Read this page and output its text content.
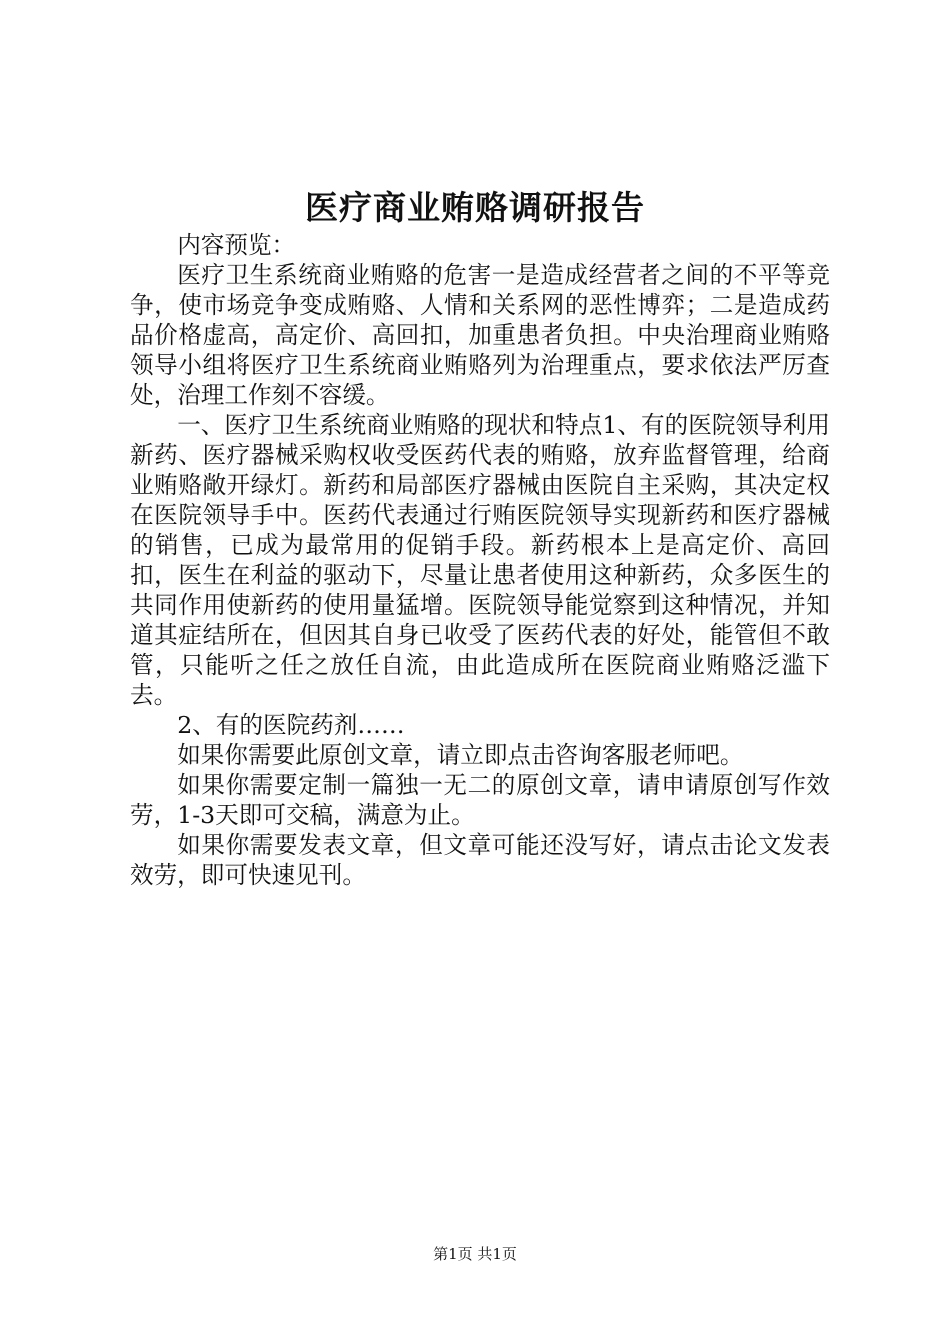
医疗商业贿赂调研报告

内容预览：

医疗卫生系统商业贿赂的危害一是造成经营者之间的不平等竞争，使市场竞争变成贿赂、人情和关系网的恶性博弈；二是造成药品价格虚高，高定价、高回扣，加重患者负担。中央治理商业贿赂领导小组将医疗卫生系统商业贿赂列为治理重点，要求依法严厉查处，治理工作刻不容缓。

一、医疗卫生系统商业贿赂的现状和特点1、有的医院领导利用新药、医疗器械采购权收受医药代表的贿赂，放弃监督管理，给商业贿赂敞开绿灯。新药和局部医疗器械由医院自主采购，其决定权在医院领导手中。医药代表通过行贿医院领导实现新药和医疗器械的销售，已成为最常用的促销手段。新药根本上是高定价、高回扣，医生在利益的驱动下，尽量让患者使用这种新药，众多医生的共同作用使新药的使用量猛增。医院领导能觉察到这种情况，并知道其症结所在，但因其自身已收受了医药代表的好处，能管但不敢管，只能听之任之放任自流，由此造成所在医院商业贿赂泛滥下去。

2、有的医院药剂……

如果你需要此原创文章，请立即点击咨询客服老师吧。

如果你需要定制一篇独一无二的原创文章，请申请原创写作效劳，1-3天即可交稿，满意为止。

如果你需要发表文章，但文章可能还没写好，请点击论文发表效劳，即可快速见刊。

第1页 共1页
